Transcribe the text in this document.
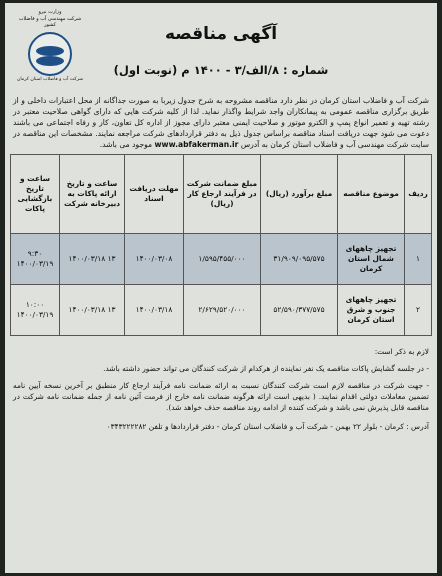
وزارت نیرو
شرکت مهندسی آب و فاضلاب کشور
شرکت آب و فاضلاب استان کرمان
آگهی مناقصه
شماره : ۸/الف/۳ - ۱۴۰۰ م (نوبت اول)
شرکت آب و فاضلاب استان کرمان در نظر دارد مناقصه مشروحه به شرح جدول زیربا به صورت جداگانه از محل اعتبارات داخلی و از طریق برگزاری مناقصه عمومی به پیمانکاران واجد شرایط واگذار نماید. لذا از کلیه شرکت هایی که دارای گواهی صلاحیت معتبر در رشته تهیه و تعمیر انواع پمپ و الکترو موتور و صلاحیت ایمنی معتبر دارای مجوز از اداره کل تعاون، کار و رفاه اجتماعی می باشند دعوت می شود جهت دریافت اسناد مناقصه براساس جدول ذیل به دفتر قراردادهای شرکت مراجعه نمایند. مشخصات این مناقصه در سایت شرکت مهندسی آب و فاضلاب استان کرمان به آدرس www.abfakerman.ir موجود می باشد.
ردیف	موضوع مناقصه	مبلغ برآورد (ریال)	مبلغ ضمانت شرکت در فرآیند ارجاع کار (ریال)	مهلت دریافت اسناد	ساعت و تاریخ ارائه پاکات به دبیرخانه شرکت	ساعت و تاریخ بازگشایی پاکات
۱	تجهیز چاههای شمال استان کرمان	۳۱/۹۰۹/۰۹۵/۵۷۵	۱/۵۹۵/۴۵۵/۰۰۰	۱۴۰۰/۰۳/۰۸	۱۳ ۱۴۰۰/۰۳/۱۸	۹:۳۰ ۱۴۰۰/۰۳/۱۹
۲	تجهیز چاههای جنوب و شرق استان کرمان	۵۲/۵۹۰/۳۷۷/۵۷۵	۲/۶۲۹/۵۲۰/۰۰۰	۱۴۰۰/۰۳/۱۸	۱۳ ۱۴۰۰/۰۳/۱۸	۱۰:۰۰ ۱۴۰۰/۰۳/۱۹

لازم به ذکر است:

- در جلسه گشایش پاکات مناقصه یک نفر نماینده از هرکدام از شرکت کنندگان می تواند حضور داشته باشد.

- جهت شرکت در مناقصه لازم است شرکت کنندگان نسبت به ارائه ضمانت نامه فرآیند ارجاع کار منطبق بر آخرین نسخه آیین نامه تضمین معاملات دولتی اقدام نمایند. ( بدیهی است ارائه هرگونه ضمانت نامه خارج از فرمت آئین نامه از جمله ضمانت نامه شرکت در مناقصه قابل پذیرش نمی باشد و شرکت کننده از ادامه روند مناقصه حذف خواهد شد).

آدرس : کرمان - بلوار ۲۲ بهمن - شرکت آب و فاضلاب استان کرمان - دفتر قراردادها و تلفن ۰۳۴۳۲۲۲۲۸۲
